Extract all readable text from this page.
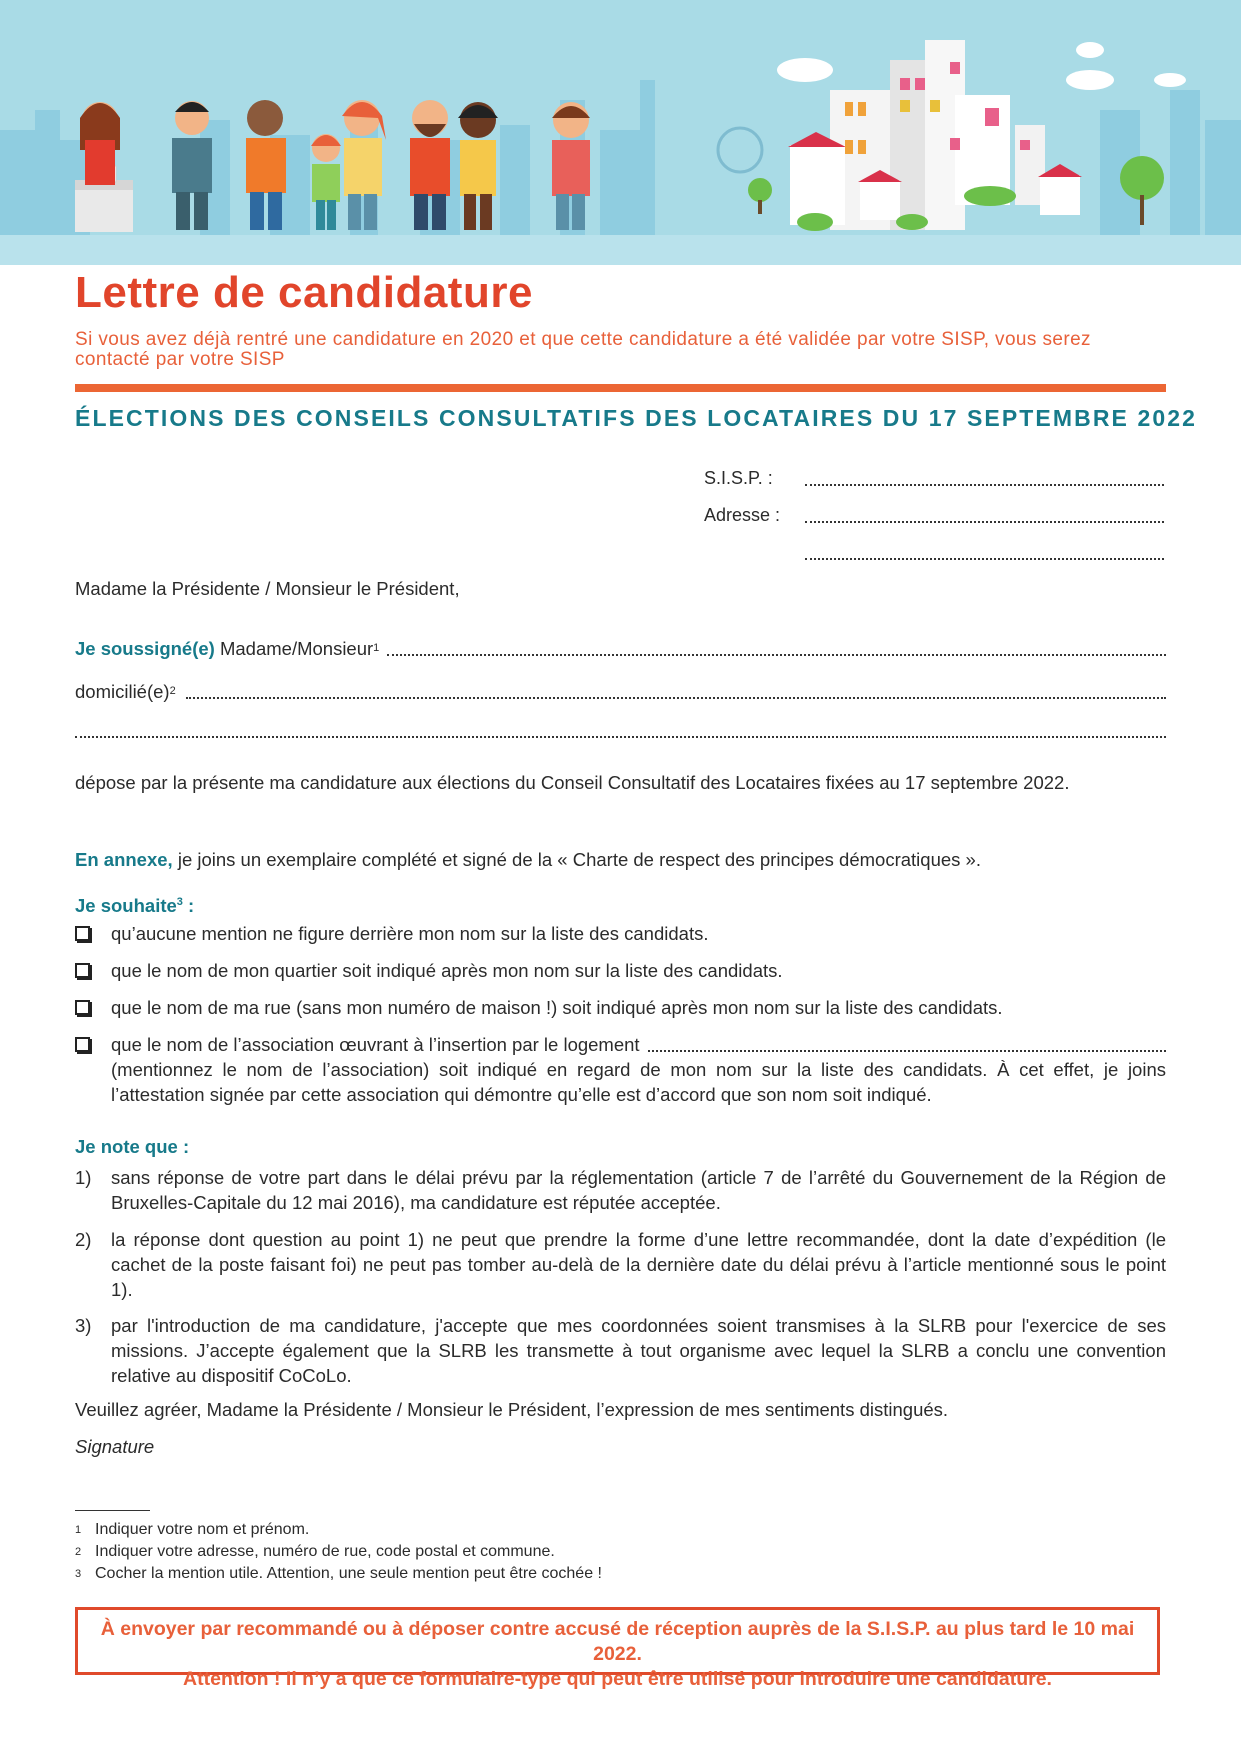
Lettre de candidature

Si vous avez déjà rentré une candidature en 2020 et que cette candidature a été validée par votre SISP, vous serez contacté par votre SISP

ÉLECTIONS DES CONSEILS CONSULTATIFS DES LOCATAIRES DU 17 SEPTEMBRE 2022

S.I.S.P. :
Adresse :

Madame la Présidente / Monsieur le Président,

Je soussigné(e)
Madame/Monsieur 1

domicilié(e) 2

dépose par la présente ma candidature aux élections du Conseil Consultatif des Locataires fixées au 17 septembre 2022.

En annexe, je joins un exemplaire complété et signé de la « Charte de respect des principes démocratiques ».

Je souhaite$^3$ :

qu’aucune mention ne figure derrière mon nom sur la liste des candidats.
que le nom de mon quartier soit indiqué après mon nom sur la liste des candidats.
que le nom de ma rue (sans mon numéro de maison !) soit indiqué après mon nom sur la liste des candidats.
que le nom de l’association œuvrant à l’insertion par le logement
(mentionnez le nom de l’association) soit indiqué en regard de mon nom sur la liste des candidats. À cet effet, je joins l’attestation signée par cette association qui démontre qu’elle est d’accord que son nom soit indiqué.

Je note que :

1)	sans réponse de votre part dans le délai prévu par la réglementation (article 7 de l’arrêté du Gouvernement de la Région de Bruxelles-Capitale du 12 mai 2016), ma candidature est réputée acceptée.
2)	la réponse dont question au point 1) ne peut que prendre la forme d’une lettre recommandée, dont la date d’expédition (le cachet de la poste faisant foi) ne peut pas tomber au-delà de la dernière date du délai prévu à l’article mentionné sous le point 1).
3)	par l'introduction de ma candidature, j'accepte que mes coordonnées soient transmises à la SLRB pour l'exercice de ses missions. J’accepte également que la SLRB les transmette à tout organisme avec lequel la SLRB a conclu une convention relative au dispositif CoCoLo.

Veuillez agréer, Madame la Présidente / Monsieur le Président, l’expression de mes sentiments distingués.

Signature

1 Indiquer votre nom et prénom.
2 Indiquer votre adresse, numéro de rue, code postal et commune.
3 Cocher la mention utile. Attention, une seule mention peut être cochée !
À envoyer par recommandé ou à déposer contre accusé de réception auprès de la S.I.S.P. au plus tard le 10 mai 2022.
Attention ! Il n’y a que ce formulaire-type qui peut être utilisé pour introduire une candidature.
